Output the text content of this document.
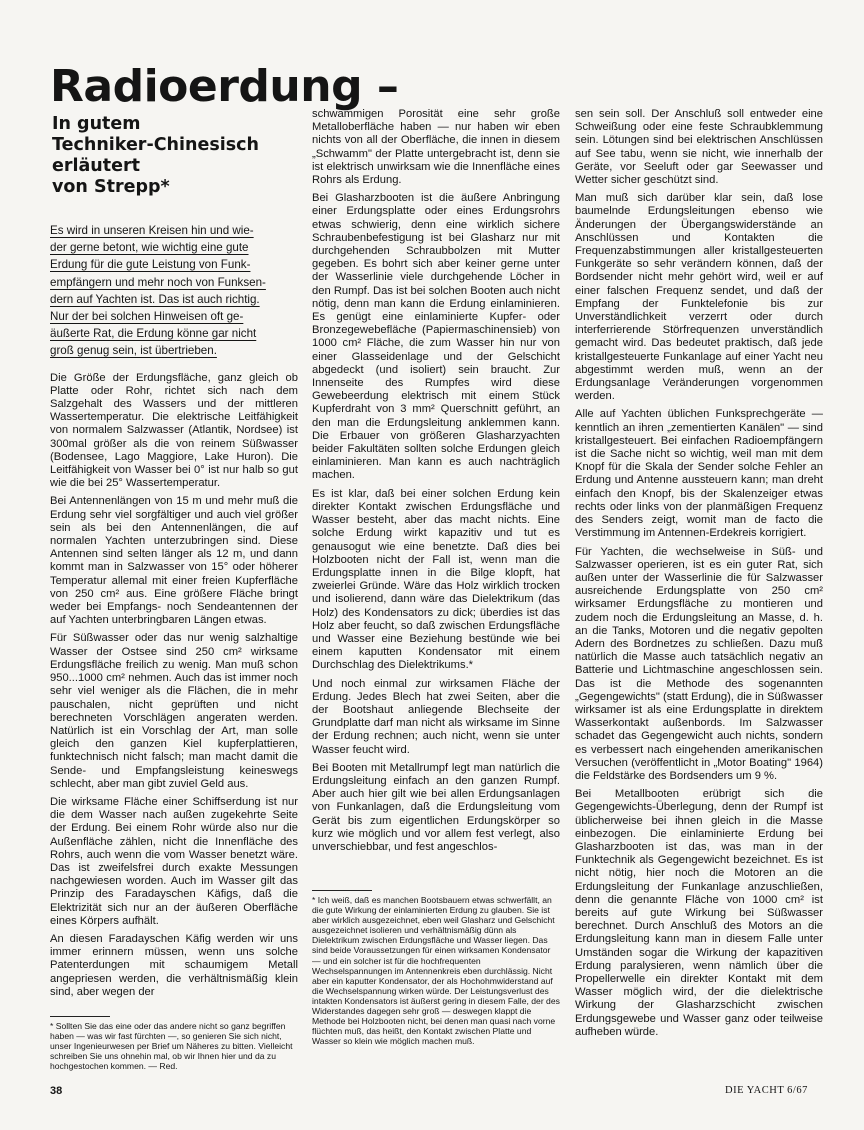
Radioerdung –
In gutem
Techniker-Chinesisch
erläutert
von Strepp*

Es wird in unseren Kreisen hin und wie-
der gerne betont, wie wichtig eine gute
Erdung für die gute Leistung von Funk-
empfängern und mehr noch von Funksen-
dern auf Yachten ist. Das ist auch richtig.
Nur der bei solchen Hinweisen oft ge-
äußerte Rat, die Erdung könne gar nicht
groß genug sein, ist übertrieben.

Die Größe der Erdungsfläche, ganz gleich ob Platte oder Rohr, richtet sich nach dem Salzgehalt des Wassers und der mittleren Wassertemperatur. Die elektrische Leitfähigkeit von normalem Salzwasser (Atlantik, Nordsee) ist 300mal größer als die von reinem Süßwasser (Bodensee, Lago Maggiore, Lake Huron). Die Leitfähigkeit von Wasser bei 0° ist nur halb so gut wie die bei 25° Wassertemperatur.

Bei Antennenlängen von 15 m und mehr muß die Erdung sehr viel sorgfältiger und auch viel größer sein als bei den Antennenlängen, die auf normalen Yachten unterzubringen sind. Diese Antennen sind selten länger als 12 m, und dann kommt man in Salzwasser von 15° oder höherer Temperatur allemal mit einer freien Kupferfläche von 250 cm² aus. Eine größere Fläche bringt weder bei Empfangs- noch Sendeantennen der auf Yachten unterbringbaren Längen etwas.

Für Süßwasser oder das nur wenig salzhaltige Wasser der Ostsee sind 250 cm² wirksame Erdungsfläche freilich zu wenig. Man muß schon 950...1000 cm² nehmen. Auch das ist immer noch sehr viel weniger als die Flächen, die in mehr pauschalen, nicht geprüften und nicht berechneten Vorschlägen angeraten werden. Natürlich ist ein Vorschlag der Art, man solle gleich den ganzen Kiel kupferplattieren, funktechnisch nicht falsch; man macht damit die Sende- und Empfangsleistung keineswegs schlecht, aber man gibt zuviel Geld aus.

Die wirksame Fläche einer Schiffserdung ist nur die dem Wasser nach außen zugekehrte Seite der Erdung. Bei einem Rohr würde also nur die Außenfläche zählen, nicht die Innenfläche des Rohrs, auch wenn die vom Wasser benetzt wäre. Das ist zweifelsfrei durch exakte Messungen nachgewiesen worden. Auch im Wasser gilt das Prinzip des Faradayschen Käfigs, daß die Elektrizität sich nur an der äußeren Oberfläche eines Körpers aufhält.

An diesen Faradayschen Käfig werden wir uns immer erinnern müssen, wenn uns solche Patenterdungen mit schaumigem Metall angepriesen werden, die verhältnismäßig klein sind, aber wegen der

* Sollten Sie das eine oder das andere nicht so ganz begriffen haben — was wir fast fürchten —, so genieren Sie sich nicht, unser Ingenieurwesen per Brief um Näheres zu bitten. Vielleicht schreiben Sie uns ohnehin mal, ob wir Ihnen hier und da zu hochgestochen kommen. — Red.

schwammigen Porosität eine sehr große Metalloberfläche haben — nur haben wir eben nichts von all der Oberfläche, die innen in diesem „Schwamm" der Platte untergebracht ist, denn sie ist elektrisch unwirksam wie die Innenfläche eines Rohrs als Erdung.

Bei Glasharzbooten ist die äußere Anbringung einer Erdungsplatte oder eines Erdungsrohrs etwas schwierig, denn eine wirklich sichere Schraubenbefestigung ist bei Glasharz nur mit durchgehenden Schraubbolzen mit Mutter gegeben. Es bohrt sich aber keiner gerne unter der Wasserlinie viele durchgehende Löcher in den Rumpf. Das ist bei solchen Booten auch nicht nötig, denn man kann die Erdung einlaminieren. Es genügt eine einlaminierte Kupfer- oder Bronzegewebefläche (Papiermaschinensieb) von 1000 cm² Fläche, die zum Wasser hin nur von einer Glasseidenlage und der Gelschicht abgedeckt (und isoliert) sein braucht. Zur Innenseite des Rumpfes wird diese Gewebeerdung elektrisch mit einem Stück Kupferdraht von 3 mm² Querschnitt geführt, an den man die Erdungsleitung anklemmen kann. Die Erbauer von größeren Glasharzyachten beider Fakultäten sollten solche Erdungen gleich einlaminieren. Man kann es auch nachträglich machen.

Es ist klar, daß bei einer solchen Erdung kein direkter Kontakt zwischen Erdungsfläche und Wasser besteht, aber das macht nichts. Eine solche Erdung wirkt kapazitiv und tut es genausogut wie eine benetzte. Daß dies bei Holzbooten nicht der Fall ist, wenn man die Erdungsplatte innen in die Bilge klopft, hat zweierlei Gründe. Wäre das Holz wirklich trocken und isolierend, dann wäre das Dielektrikum (das Holz) des Kondensators zu dick; überdies ist das Holz aber feucht, so daß zwischen Erdungsfläche und Wasser eine Beziehung bestünde wie bei einem kaputten Kondensator mit einem Durchschlag des Dielektrikums.*

Und noch einmal zur wirksamen Fläche der Erdung. Jedes Blech hat zwei Seiten, aber die der Bootshaut anliegende Blechseite der Grundplatte darf man nicht als wirksame im Sinne der Erdung rechnen; auch nicht, wenn sie unter Wasser feucht wird.

Bei Booten mit Metallrumpf legt man natürlich die Erdungsleitung einfach an den ganzen Rumpf. Aber auch hier gilt wie bei allen Erdungsanlagen von Funkanlagen, daß die Erdungsleitung vom Gerät bis zum eigentlichen Erdungskörper so kurz wie möglich und vor allem fest verlegt, also unverschiebbar, und fest angeschlos-

* Ich weiß, daß es manchen Bootsbauern etwas schwerfällt, an die gute Wirkung der einlaminierten Erdung zu glauben. Sie ist aber wirklich ausgezeichnet, eben weil Glasharz und Gelschicht ausgezeichnet isolieren und verhältnismäßig dünn als Dielektrikum zwischen Erdungsfläche und Wasser liegen. Das sind beide Voraussetzungen für einen wirksamen Kondensator — und ein solcher ist für die hochfrequenten Wechselspannungen im Antennenkreis eben durchlässig. Nicht aber ein kaputter Kondensator, der als Hochohmwiderstand auf die Wechselspannung wirken würde. Der Leistungsverlust des intakten Kondensators ist äußerst gering in diesem Falle, der des Widerstandes dagegen sehr groß — deswegen klappt die Methode bei Holzbooten nicht, bei denen man quasi nach vorne flüchten muß, das heißt, den Kontakt zwischen Platte und Wasser so klein wie möglich machen muß.

sen sein soll. Der Anschluß soll entweder eine Schweißung oder eine feste Schraubklemmung sein. Lötungen sind bei elektrischen Anschlüssen auf See tabu, wenn sie nicht, wie innerhalb der Geräte, vor Seeluft oder gar Seewasser und Wetter sicher geschützt sind.

Man muß sich darüber klar sein, daß lose baumelnde Erdungsleitungen ebenso wie Änderungen der Übergangswiderstände an Anschlüssen und Kontakten die Frequenzabstimmungen aller kristallgesteuerten Funkgeräte so sehr verändern können, daß der Bordsender nicht mehr gehört wird, weil er auf einer falschen Frequenz sendet, und daß der Empfang der Funktelefonie bis zur Unverständlichkeit verzerrt oder durch interferrierende Störfrequenzen unverständlich gemacht wird. Das bedeutet praktisch, daß jede kristallgesteuerte Funkanlage auf einer Yacht neu abgestimmt werden muß, wenn an der Erdungsanlage Veränderungen vorgenommen werden.

Alle auf Yachten üblichen Funksprechgeräte — kenntlich an ihren „zementierten Kanälen" — sind kristallgesteuert. Bei einfachen Radioempfängern ist die Sache nicht so wichtig, weil man mit dem Knopf für die Skala der Sender solche Fehler an Erdung und Antenne aussteuern kann; man dreht einfach den Knopf, bis der Skalenzeiger etwas rechts oder links von der planmäßigen Frequenz des Senders zeigt, womit man de facto die Verstimmung im Antennen-Erdekreis korrigiert.

Für Yachten, die wechselweise in Süß- und Salzwasser operieren, ist es ein guter Rat, sich außen unter der Wasserlinie die für Salzwasser ausreichende Erdungsplatte von 250 cm² wirksamer Erdungsfläche zu montieren und zudem noch die Erdungsleitung an Masse, d. h. an die Tanks, Motoren und die negativ gepolten Adern des Bordnetzes zu schließen. Dazu muß natürlich die Masse auch tatsächlich negativ an Batterie und Lichtmaschine angeschlossen sein. Das ist die Methode des sogenannten „Gegengewichts" (statt Erdung), die in Süßwasser wirksamer ist als eine Erdungsplatte in direktem Wasserkontakt außenbords. Im Salzwasser schadet das Gegengewicht auch nichts, sondern es verbessert nach eingehenden amerikanischen Versuchen (veröffentlicht in „Motor Boating" 1964) die Feldstärke des Bordsenders um 9 %.

Bei Metallbooten erübrigt sich die Gegengewichts-Überlegung, denn der Rumpf ist üblicherweise bei ihnen gleich in die Masse einbezogen. Die einlaminierte Erdung bei Glasharzbooten ist das, was man in der Funktechnik als Gegengewicht bezeichnet. Es ist nicht nötig, hier noch die Motoren an die Erdungsleitung der Funkanlage anzuschließen, denn die genannte Fläche von 1000 cm² ist bereits auf gute Wirkung bei Süßwasser berechnet. Durch Anschluß des Motors an die Erdungsleitung kann man in diesem Falle unter Umständen sogar die Wirkung der kapazitiven Erdung paralysieren, wenn nämlich über die Propellerwelle ein direkter Kontakt mit dem Wasser möglich wird, der die dielektrische Wirkung der Glasharzschicht zwischen Erdungsgewebe und Wasser ganz oder teilweise aufheben würde.

38	DIE YACHT 6/67
